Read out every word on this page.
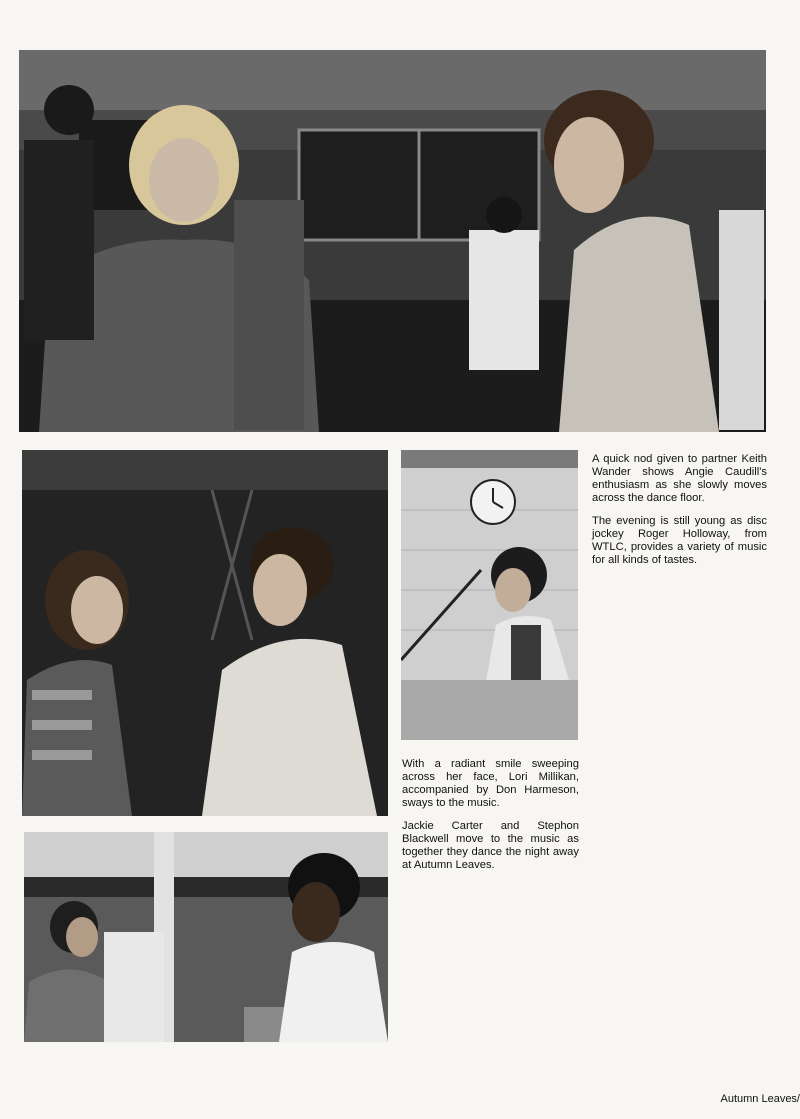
A quick nod given to partner Keith Wander shows Angie Caudill's enthusiasm as she slowly moves across the dance floor.

The evening is still young as disc jockey Roger Holloway, from WTLC, provides a variety of music for all kinds of tastes.

With a radiant smile sweeping across her face, Lori Millikan, accompanied by Don Harmeson, sways to the music.

Jackie Carter and Stephon Blackwell move to the music as together they dance the night away at Autumn Leaves.

Autumn Leaves/
